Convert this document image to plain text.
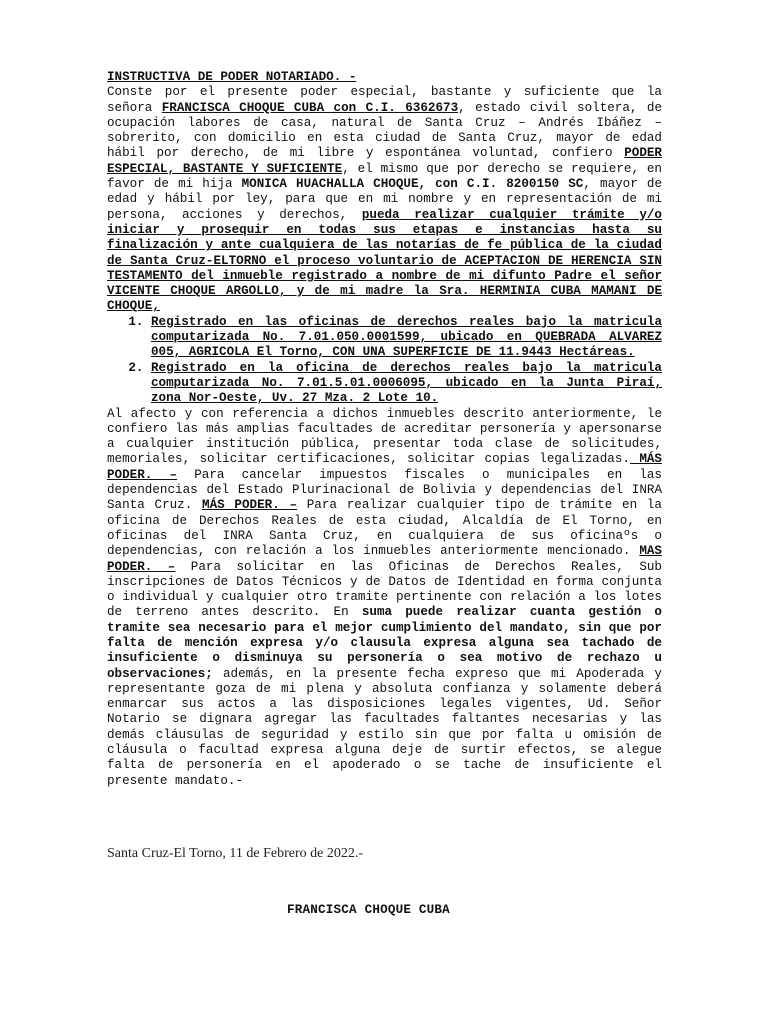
INSTRUCTIVA DE PODER NOTARIADO. -

Conste por el presente poder especial, bastante y suficiente que la señora FRANCISCA CHOQUE CUBA con C.I. 6362673, estado civil soltera, de ocupación labores de casa, natural de Santa Cruz – Andrés Ibáñez – sobrerito, con domicilio en esta ciudad de Santa Cruz, mayor de edad hábil por derecho, de mi libre y espontánea voluntad, confiero PODER ESPECIAL, BASTANTE Y SUFICIENTE, el mismo que por derecho se requiere, en favor de mi hija MONICA HUACHALLA CHOQUE, con C.I. 8200150 SC, mayor de edad y hábil por ley, para que en mi nombre y en representación de mi persona, acciones y derechos, pueda realizar cualquier trámite y/o iniciar y prosequir en todas sus etapas e instancias hasta su finalización y ante cualquiera de las notarías de fe pública de la ciudad de Santa Cruz-ELTORNO el proceso voluntario de ACEPTACION DE HERENCIA SIN TESTAMENTO del inmueble registrado a nombre de mi difunto Padre el señor VICENTE CHOQUE ARGOLLO, y de mi madre la Sra. HERMINIA CUBA MAMANI DE CHOQUE,

1. Registrado en las oficinas de derechos reales bajo la matricula computarizada No. 7.01.050.0001599, ubicado en QUEBRADA ALVAREZ 005, AGRICOLA El Torno, CON UNA SUPERFICIE DE 11.9443 Hectáreas.
2. Registrado en la oficina de derechos reales bajo la matricula computarizada No. 7.01.5.01.0006095, ubicado en la Junta Piraí, zona Nor-Oeste, Uv. 27 Mza. 2 Lote 10.

Al afecto y con referencia a dichos inmuebles descrito anteriormente, le confiero las más amplias facultades de acreditar personería y apersonarse a cualquier institución pública, presentar toda clase de solicitudes, memoriales, solicitar certificaciones, solicitar copias legalizadas. MÁS PODER. – Para cancelar impuestos fiscales o municipales en las dependencias del Estado Plurinacional de Bolivia y dependencias del INRA Santa Cruz. MÁS PODER. – Para realizar cualquier tipo de trámite en la oficina de Derechos Reales de esta ciudad, Alcaldía de El Torno, en oficinas del INRA Santa Cruz, en cualquiera de sus oficinaºs o dependencias, con relación a los inmuebles anteriormente mencionado. MAS PODER. – Para solicitar en las Oficinas de Derechos Reales, Sub inscripciones de Datos Técnicos y de Datos de Identidad en forma conjunta o individual y cualquier otro tramite pertinente con relación a los lotes de terreno antes descrito. En suma puede realizar cuanta gestión o tramite sea necesario para el mejor cumplimiento del mandato, sin que por falta de mención expresa y/o clausula expresa alguna sea tachado de insuficiente o disminuya su personería o sea motivo de rechazo u observaciones; además, en la presente fecha expreso que mi Apoderada y representante goza de mi plena y absoluta confianza y solamente deberá enmarcar sus actos a las disposiciones legales vigentes, Ud. Señor Notario se dignara agregar las facultades faltantes necesarias y las demás cláusulas de seguridad y estilo sin que por falta u omisión de cláusula o facultad expresa alguna deje de surtir efectos, se alegue falta de personería en el apoderado o se tache de insuficiente el presente mandato.-

Santa Cruz-El Torno, 11 de Febrero de 2022.-
FRANCISCA CHOQUE CUBA
